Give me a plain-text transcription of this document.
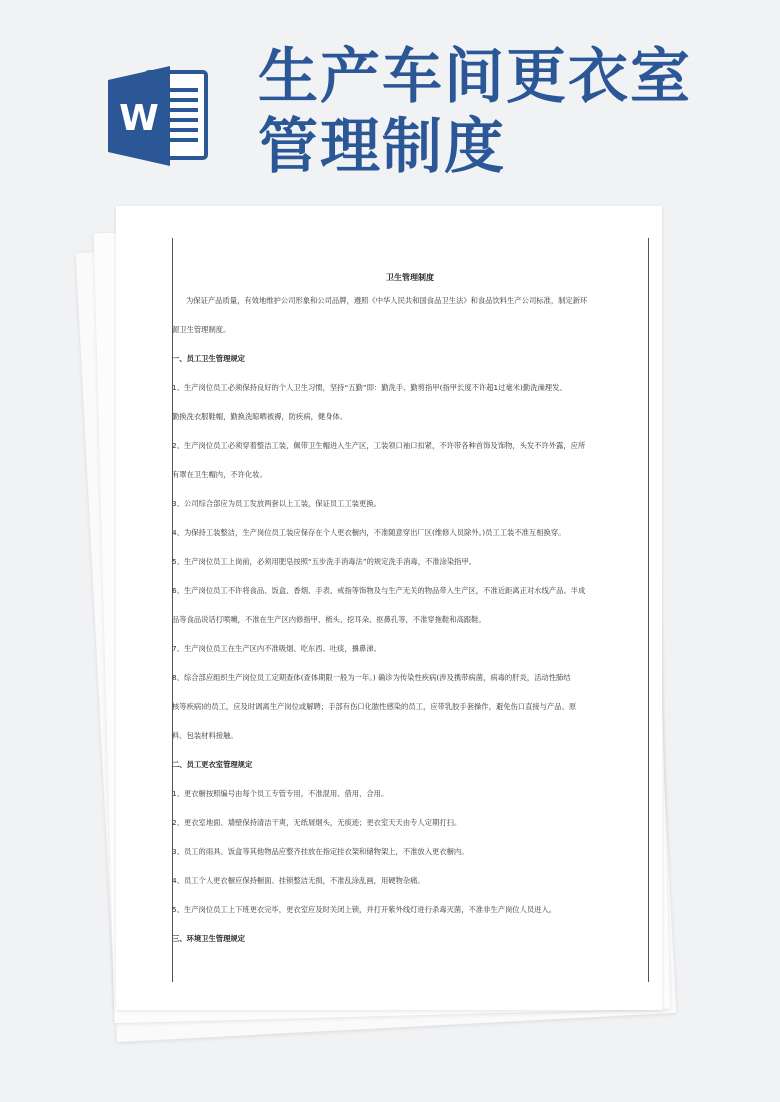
W
生产车间更衣室管理制度

卫生管理制度

为保证产品质量，有效地维护公司形象和公司品牌，遵照《中华人民共和国食品卫生法》和食品饮料生产公司标准，制定新环

源卫生管理制度。

一、员工卫生管理规定

1、生产岗位员工必须保持良好的个人卫生习惯，坚持“五勤”即：勤洗手、勤剪指甲(指甲长度不许超1过毫米)勤洗澡理发、

勤换洗衣服鞋帽，勤换洗晾晒被褥，防疾病，健身体。

2、生产岗位员工必须穿着整洁工装，佩带卫生帽进入生产区，工装领口袖口扣紧，不许带各种首饰及饰物，头发不许外露，应所

有罩在卫生帽内，不许化妆。

3、公司综合部应为员工发放两套以上工装，保证员工工装更换。

4、为保持工装整洁，生产岗位员工装应保存在个人更衣橱内，不准随意穿出厂区(维修人员除外。)员工工装不准互相换穿。

5、生产岗位员工上岗前，必须用肥皂按照“五步洗手消毒法”的规定洗手消毒，不准涂染指甲。

6、生产岗位员工不许将食品、饭盒、香烟、手表、戒指等饰物及与生产无关的物品带入生产区，不准近距离正对水线产品、半成

品等食品说话打喷嚏，不准在生产区内修指甲、梳头、挖耳朵、抠鼻孔等，不准穿拖鞋和高跟鞋。

7、生产岗位员工在生产区内不准吸烟、吃东西、吐痰，擤鼻涕。

8、综合部应组织生产岗位员工定期查体(查体期限一般为一年。) 确诊为传染性疾病(涉及携带病菌，病毒的肝炎，活动性肺结

核等疾病)的员工，应及时调离生产岗位或解聘；手部有伤口化脓性感染的员工，应带乳胶手套操作，避免伤口直接与产品、原

料、包装材料接触。

二、员工更衣室管理规定

1、更衣橱按照编号由每个员工专管专用，不准混用、借用、合用。

2、更衣室地面、墙壁保持清洁干爽，无纸屑烟头，无痰迹；更衣室天天由专人定期打扫。

3、员工的雨具、饭盒等其他物品应整齐挂放在指定挂衣架和储物架上，不准放入更衣橱内。

4、员工个人更衣橱应保持橱面、挂锁整洁无损，不准乱涂乱画，用硬物杂痛。

5、生产岗位员工上下班更衣完毕，更衣室应及时关闭上锁，并打开紫外线灯进行杀毒灭菌，不准非生产岗位人员进入。

三、环境卫生管理规定
